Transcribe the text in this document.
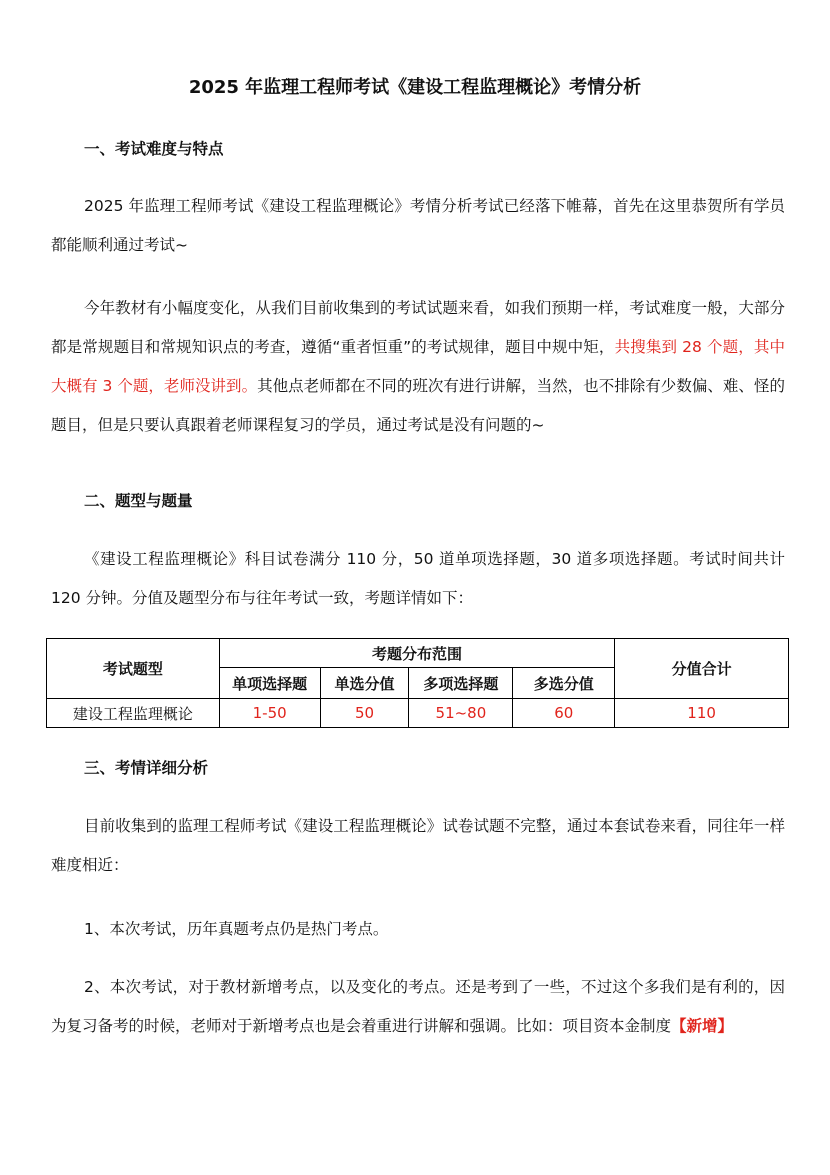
2025 年监理工程师考试《建设工程监理概论》考情分析
一、考试难度与特点

2025 年监理工程师考试《建设工程监理概论》考情分析考试已经落下帷幕，首先在这里恭贺所有学员都能顺利通过考试~

今年教材有小幅度变化，从我们目前收集到的考试试题来看，如我们预期一样，考试难度一般，大部分都是常规题目和常规知识点的考查，遵循“重者恒重”的考试规律，题目中规中矩，共搜集到 28 个题，其中大概有 3 个题，老师没讲到。其他点老师都在不同的班次有进行讲解，当然，也不排除有少数偏、难、怪的题目，但是只要认真跟着老师课程复习的学员，通过考试是没有问题的~

二、题型与题量

《建设工程监理概论》科目试卷满分 110 分，50 道单项选择题，30 道多项选择题。考试时间共计 120 分钟。分值及题型分布与往年考试一致，考题详情如下：

考试题型	考题分布范围				分值合计
	单项选择题	单选分值	多项选择题	多选分值	
建设工程监理概论	1-50	50	51~80	60	110
三、考情详细分析

目前收集到的监理工程师考试《建设工程监理概论》试卷试题不完整，通过本套试卷来看，同往年一样难度相近：

1、本次考试，历年真题考点仍是热门考点。

2、本次考试，对于教材新增考点，以及变化的考点。还是考到了一些，不过这个多我们是有利的，因为复习备考的时候，老师对于新增考点也是会着重进行讲解和强调。比如：项目资本金制度【新增】
